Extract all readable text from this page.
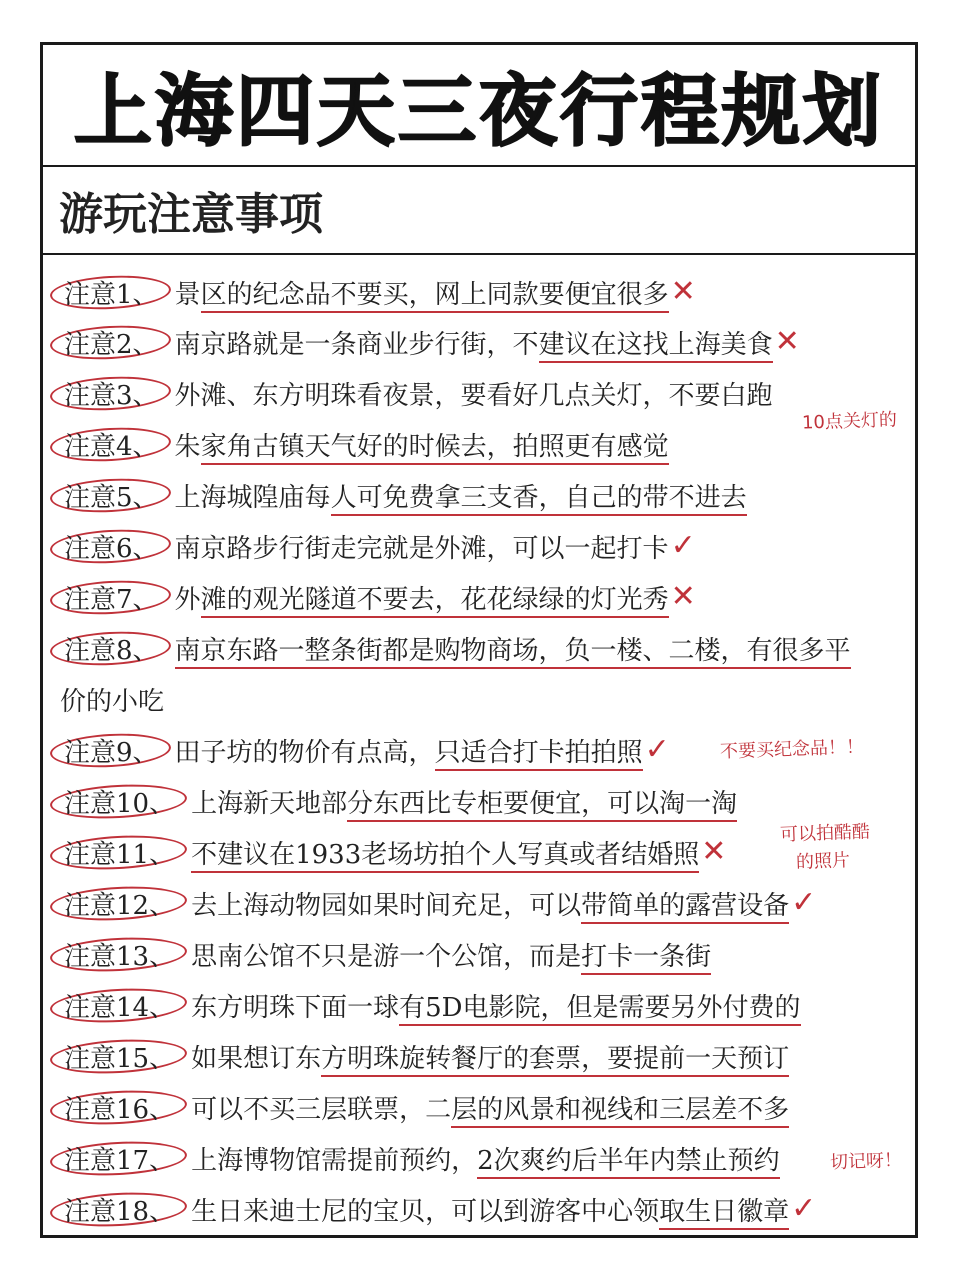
上海四天三夜行程规划
游玩注意事项
注意1、 景区的纪念品不要买，网上同款要便宜很多 ✕
注意2、 南京路就是一条商业步行街，不建议在这找上海美食 ✕
注意3、 外滩、东方明珠看夜景，要看好几点关灯，不要白跑
注意4、 朱家角古镇天气好的时候去，拍照更有感觉
注意5、 上海城隍庙每人可免费拿三支香，自己的带不进去
注意6、 南京路步行街走完就是外滩，可以一起打卡 ✓
注意7、 外滩的观光隧道不要去，花花绿绿的灯光秀 ✕
注意8、 南京东路一整条街都是购物商场，负一楼、二楼，有很多平
价的小吃
注意9、 田子坊的物价有点高，只适合打卡拍拍照 ✓
注意10、 上海新天地部分东西比专柜要便宜，可以淘一淘
注意11、 不建议在1933老场坊拍个人写真或者结婚照 ✕
注意12、 去上海动物园如果时间充足，可以带简单的露营设备 ✓
注意13、 思南公馆不只是游一个公馆，而是打卡一条街
注意14、 东方明珠下面一球有5D电影院，但是需要另外付费的
注意15、 如果想订东方明珠旋转餐厅的套票，要提前一天预订
注意16、 可以不买三层联票，二层的风景和视线和三层差不多
注意17、 上海博物馆需提前预约，2次爽约后半年内禁止预约
注意18、 生日来迪士尼的宝贝，可以到游客中心领取生日徽章 ✓
10点关灯的
不要买纪念品！！
可以拍酷酷
的照片
切记呀！
